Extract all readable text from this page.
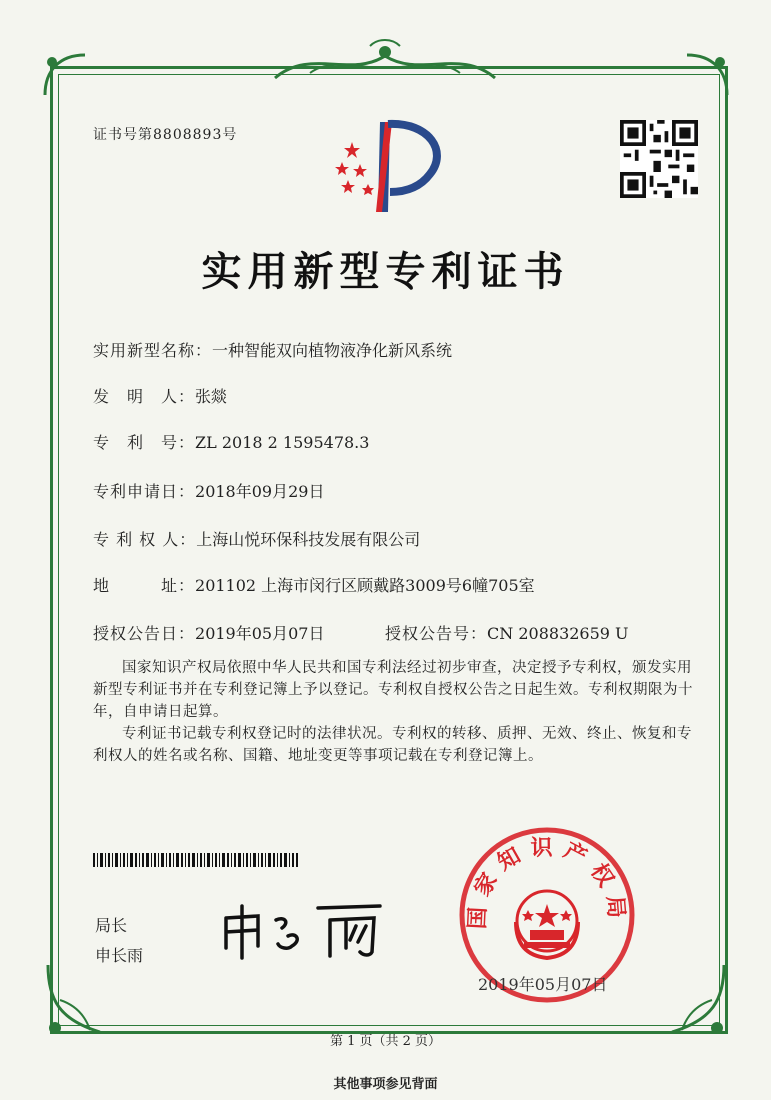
证书号第8808893号
实用新型专利证书
实用新型名称：一种智能双向植物液净化新风系统
发　明　人：张燚
专　利　号：ZL 2018 2 1595478.3
专利申请日：2018年09月29日
专 利 权 人：上海山悦环保科技发展有限公司
地　　　址：201102 上海市闵行区顾戴路3009号6幢705室
授权公告日：2019年05月07日	授权公告号：CN 208832659 U
国家知识产权局依照中华人民共和国专利法经过初步审查，决定授予专利权，颁发实用新型专利证书并在专利登记簿上予以登记。专利权自授权公告之日起生效。专利权期限为十年，自申请日起算。
专利证书记载专利权登记时的法律状况。专利权的转移、质押、无效、终止、恢复和专利权人的姓名或名称、国籍、地址变更等事项记载在专利登记簿上。
局长
申长雨
国家知识产权局
2019年05月07日
第 1 页（共 2 页）
其他事项参见背面
